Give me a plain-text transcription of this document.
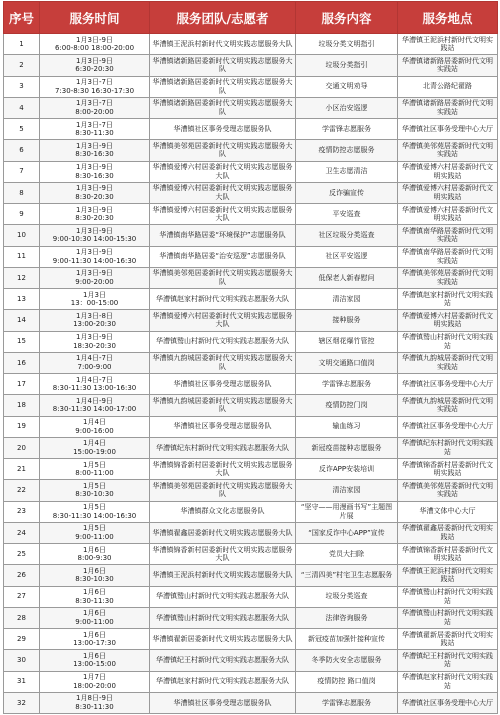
序号	服务时间	服务团队/志愿者	服务内容	服务地点
1	1月3日-9日
6:00-8:00 18:00-20:00	华漕镇王泥浜村新时代文明实践志愿服务大队	垃圾分类文明指引	华漕镇王泥浜村新时代文明实践站
2	1月3日-9日
6:30-20:30	华漕镇诸新路居委新时代文明实践志愿服务大队	垃圾分类指引	华漕镇诸新路居委新时代文明实践站
3	1月3日-7日
7:30-8:30 16:30-17:30	华漕镇诸新路居委新时代文明实践志愿服务大队	交通文明劝导	北青公路纪翟路
4	1月3日-7日
8:00-20:00	华漕镇诸新路居委新时代文明实践志愿服务大队	小区治安巡逻	华漕镇诸新路居委新时代文明实践站
5	1月3日-7日
8:30-11:30	华漕镇社区事务受理志愿服务队	学雷锋志愿服务	华漕镇社区事务受理中心大厅
6	1月3日-9日
8:30-16:30	华漕镇美邻苑居委新时代文明实践志愿服务大队	疫情防控志愿服务	华漕镇美邻苑居委新时代文明实践站
7	1月3日-9日
8:30-16:30	华漕镇爱博六村居委新时代文明实践志愿服务大队	卫生志愿清洁	华漕镇爱博六村居委新时代文明实践站
8	1月3日-9日
8:30-20:30	华漕镇爱博六村居委新时代文明实践志愿服务大队	反诈骗宣传	华漕镇爱博六村居委新时代文明实践站
9	1月3日-9日
8:30-20:30	华漕镇爱博六村居委新时代文明实践志愿服务大队	平安巡查	华漕镇爱博六村居委新时代文明实践站
10	1月3日-9日
9:00-10:30 14:00-15:30	华漕镇南华路居委“环境保护”志愿服务队	社区垃圾分类巡查	华漕镇南华路居委新时代文明实践站
11	1月3日-9日
9:00-11:30 14:00-16:30	华漕镇南华路居委“治安巡逻”志愿服务队	社区平安巡逻	华漕镇南华路居委新时代文明实践站
12	1月3日-9日
9:00-20:00	华漕镇美邻苑居委新时代文明实践志愿服务大队	低保老人新春慰问	华漕镇美邻苑居委新时代文明实践站
13	1月3日
13：00-15:00	华漕镇赵家村新时代文明实践志愿服务大队	清洁家园	华漕镇赵家村新时代文明实践站
14	1月3日-8日
13:00-20:30	华漕镇爱博六村居委新时代文明实践志愿服务大队	接种服务	华漕镇爱博六村居委新时代文明实践站
15	1月3日-9日
18:30-20:30	华漕镇鹫山村新时代文明实践志愿服务大队	辖区烟花爆竹管控	华漕镇鹫山村新时代文明实践站
16	1月4日-7日
7:00-9:00	华漕镇九韵城居委新时代文明实践志愿服务大队	文明交通路口值岗	华漕镇九韵城居委新时代文明实践站
17	1月4日-7日
8:30-11:30 13:00-16:30	华漕镇社区事务受理志愿服务队	学雷锋志愿服务	华漕镇社区事务受理中心大厅
18	1月4日-9日
8:30-11:30 14:00-17:00	华漕镇九韵城居委新时代文明实践志愿服务大队	疫情防控门岗	华漕镇九韵城居委新时代文明实践站
19	1月4日
9:00-16:00	华漕镇社区事务受理志愿服务队	输血练习	华漕镇社区事务受理中心大厅
20	1月4日
15:00-19:00	华漕镇纪东村新时代文明实践志愿服务大队	新冠疫苗接种志愿服务	华漕镇纪东村新时代文明实践站
21	1月5日
8:00-11:00	华漕镇锦香新村居委新时代文明实践志愿服务大队	反诈APP安装培训	华漕镇锦香新村居委新时代文明实践站
22	1月5日
8:30-10:30	华漕镇美邻苑居委新时代文明实践志愿服务大队	清洁家园	华漕镇美邻苑居委新时代文明实践站
23	1月5日
8:30-11:30 14:00-16:30	华漕镇群众文化志愿服务队	“坚守——用漫画书写”主题图片展	华漕文体中心大厅
24	1月5日
9:00-11:00	华漕镇翟鑫居委新时代文明实践志愿服务大队	“国家反诈中心APP”宣传	华漕镇翟鑫居委新时代文明实践站
25	1月6日
8:00-9:30	华漕镇锦香新村居委新时代文明实践志愿服务大队	党员大扫除	华漕镇锦香新村居委新时代文明实践站
26	1月6日
8:30-10:30	华漕镇王泥浜村新时代文明实践志愿服务大队	“三清四美”村宅卫生志愿服务	华漕镇王泥浜村新时代文明实践站
27	1月6日
8:30-11:30	华漕镇鹫山村新时代文明实践志愿服务大队	垃圾分类巡查	华漕镇鹫山村新时代文明实践站
28	1月6日
9:00-11:00	华漕镇鹫山村新时代文明实践志愿服务大队	法律咨询服务	华漕镇鹫山村新时代文明实践站
29	1月6日
13:00-17:30	华漕镇翟新居委新时代文明实践志愿服务大队	新冠疫苗加强针接种宣传	华漕镇翟新居委新时代文明实践站
30	1月6日
13:00-15:00	华漕镇纪王村新时代文明实践志愿服务大队	冬季防火安全志愿服务	华漕镇纪王村新时代文明实践站
31	1月7日
18:00-20:00	华漕镇赵家村新时代文明实践志愿服务大队	疫情防控 路口值岗	华漕镇赵家村新时代文明实践站
32	1月8日-9日
8:30-11:30	华漕镇社区事务受理志愿服务队	学雷锋志愿服务	华漕镇社区事务受理中心大厅
